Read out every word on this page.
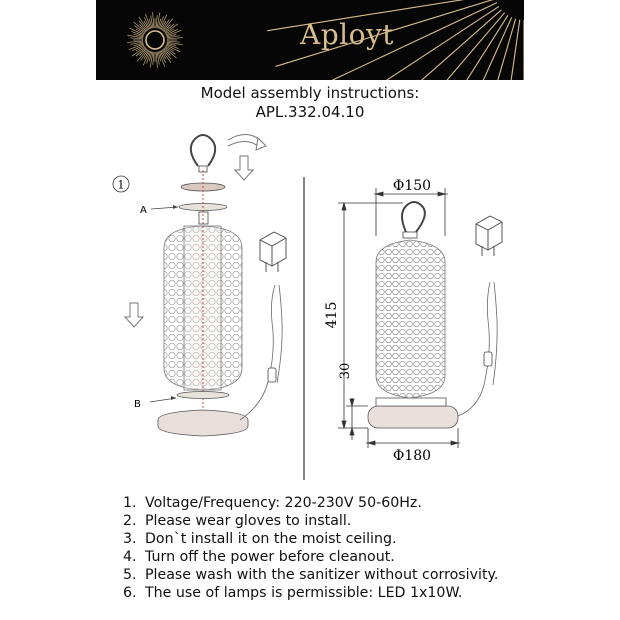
Aployt
Model assembly instructions:
APL.332.04.10
1
A
B
Φ150
Φ180
415
30
1. Voltage/Frequency: 220-230V 50-60Hz.
2. Please wear gloves to install.
3. Don`t install it on the moist ceiling.
4. Turn off the power before cleanout.
5. Please wash with the sanitizer without corrosivity.
6. The use of lamps is permissible: LED 1x10W.
